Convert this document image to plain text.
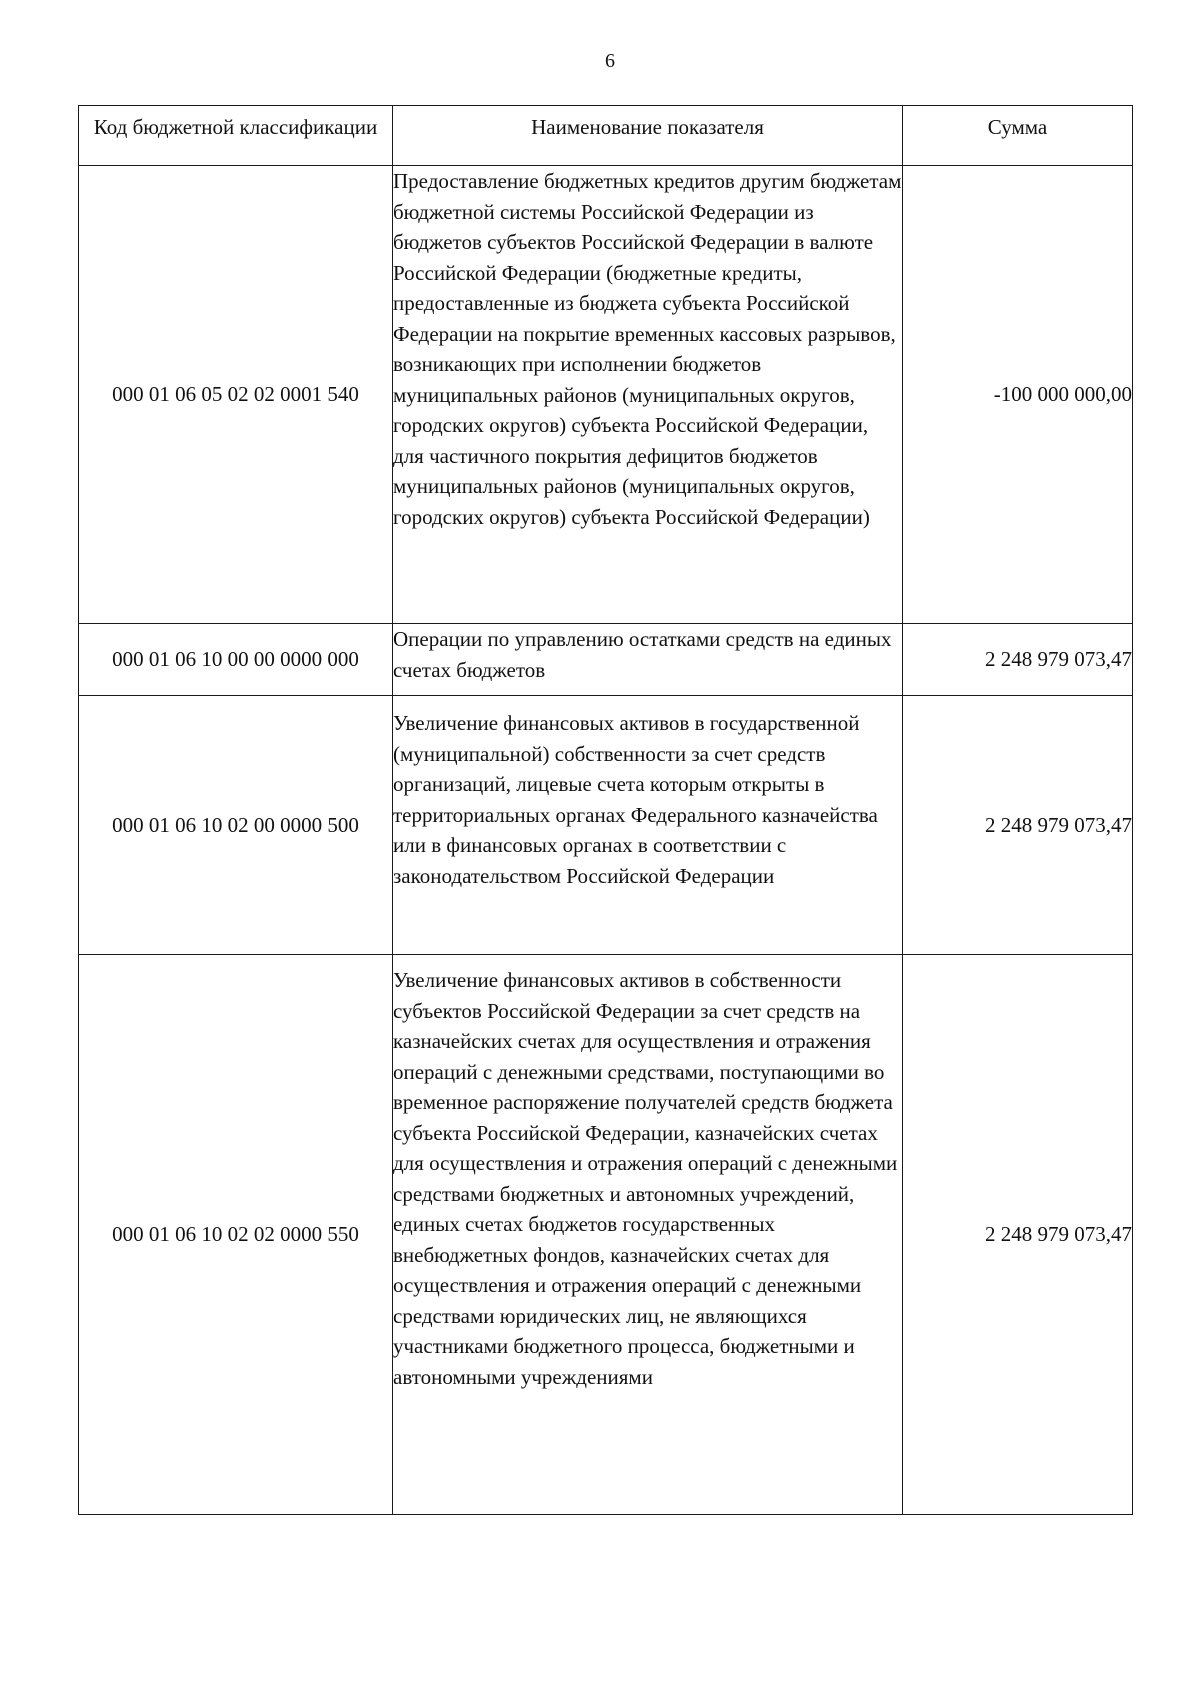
6
Код бюджетной классификации	Наименование показателя	Сумма
000 01 06 05 02 02 0001 540	Предоставление бюджетных кредитов другим бюджетам бюджетной системы Российской Федерации из бюджетов субъектов Российской Федерации в валюте Российской Федерации (бюджетные кредиты, предоставленные из бюджета субъекта Российской Федерации на покрытие временных кассовых разрывов, возникающих при исполнении бюджетов муниципальных районов (муниципальных округов, городских округов) субъекта Российской Федерации, для частичного покрытия дефицитов бюджетов муниципальных районов (муниципальных округов, городских округов) субъекта Российской Федерации)	-100 000 000,00
000 01 06 10 00 00 0000 000	Операции по управлению остатками средств на единых счетах бюджетов	2 248 979 073,47
000 01 06 10 02 00 0000 500	Увеличение финансовых активов в государственной (муниципальной) собственности за счет средств организаций, лицевые счета которым открыты в территориальных органах Федерального казначейства или в финансовых органах в соответствии с законодательством Российской Федерации	2 248 979 073,47
000 01 06 10 02 02 0000 550	Увеличение финансовых активов в собственности субъектов Российской Федерации за счет средств на казначейских счетах для осуществления и отражения операций с денежными средствами, поступающими во временное распоряжение получателей средств бюджета субъекта Российской Федерации, казначейских счетах для осуществления и отражения операций с денежными средствами бюджетных и автономных учреждений, единых счетах бюджетов государственных внебюджетных фондов, казначейских счетах для осуществления и отражения операций с денежными средствами юридических лиц, не являющихся участниками бюджетного процесса, бюджетными и автономными учреждениями	2 248 979 073,47
